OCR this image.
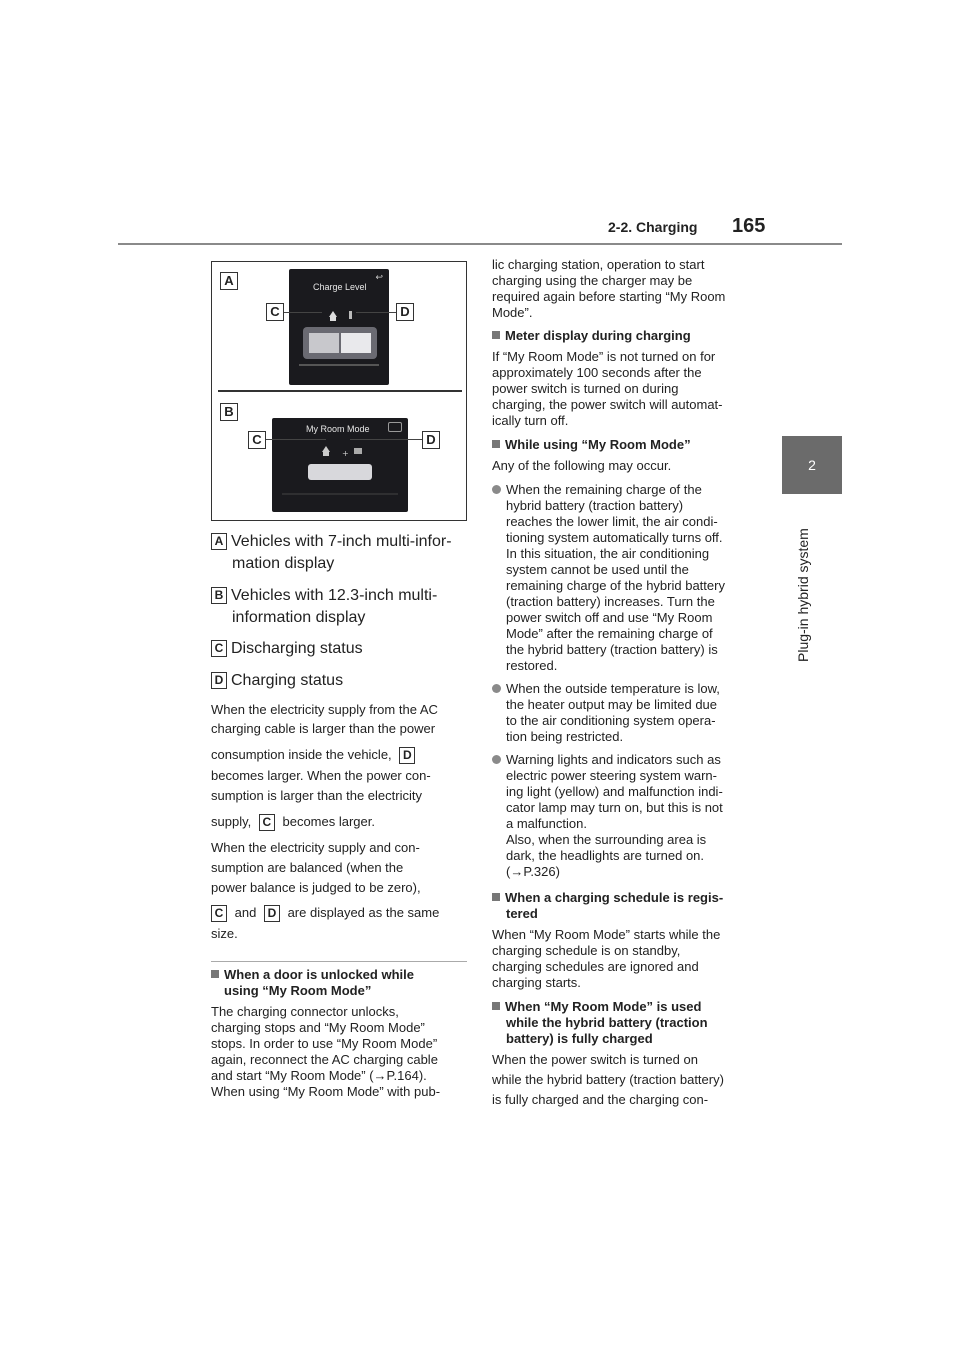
2-2. Charging 165
2
Plug-in hybrid system
A
C	D
Charge Level
↩
B
C	D
My Room Mode
+
A Vehicles with 7-inch multi-infor-
mation display
B Vehicles with 12.3-inch multi-
information display
C Discharging status
D Charging status
When the electricity supply from the AC
charging cable is larger than the power
consumption inside the vehicle, D
becomes larger. When the power con-
sumption is larger than the electricity
supply, C becomes larger.
When the electricity supply and con-
sumption are balanced (when the
power balance is judged to be zero),
C and D are displayed as the same
size.
When a door is unlocked while
using “My Room Mode”
The charging connector unlocks,
charging stops and “My Room Mode”
stops. In order to use “My Room Mode”
again, reconnect the AC charging cable
and start “My Room Mode” (→P.164).
When using “My Room Mode” with pub-
lic charging station, operation to start
charging using the charger may be
required again before starting “My Room
Mode”.
Meter display during charging
If “My Room Mode” is not turned on for
approximately 100 seconds after the
power switch is turned on during
charging, the power switch will automat-
ically turn off.
While using “My Room Mode”
Any of the following may occur.
When the remaining charge of the
hybrid battery (traction battery)
reaches the lower limit, the air condi-
tioning system automatically turns off.
In this situation, the air conditioning
system cannot be used until the
remaining charge of the hybrid battery
(traction battery) increases. Turn the
power switch off and use “My Room
Mode” after the remaining charge of
the hybrid battery (traction battery) is
restored.
When the outside temperature is low,
the heater output may be limited due
to the air conditioning system opera-
tion being restricted.
Warning lights and indicators such as
electric power steering system warn-
ing light (yellow) and malfunction indi-
cator lamp may turn on, but this is not
a malfunction.
Also, when the surrounding area is
dark, the headlights are turned on.
(→P.326)
When a charging schedule is regis-
tered
When “My Room Mode” starts while the
charging schedule is on standby,
charging schedules are ignored and
charging starts.
When “My Room Mode” is used
while the hybrid battery (traction
battery) is fully charged
When the power switch is turned on
while the hybrid battery (traction battery)
is fully charged and the charging con-
